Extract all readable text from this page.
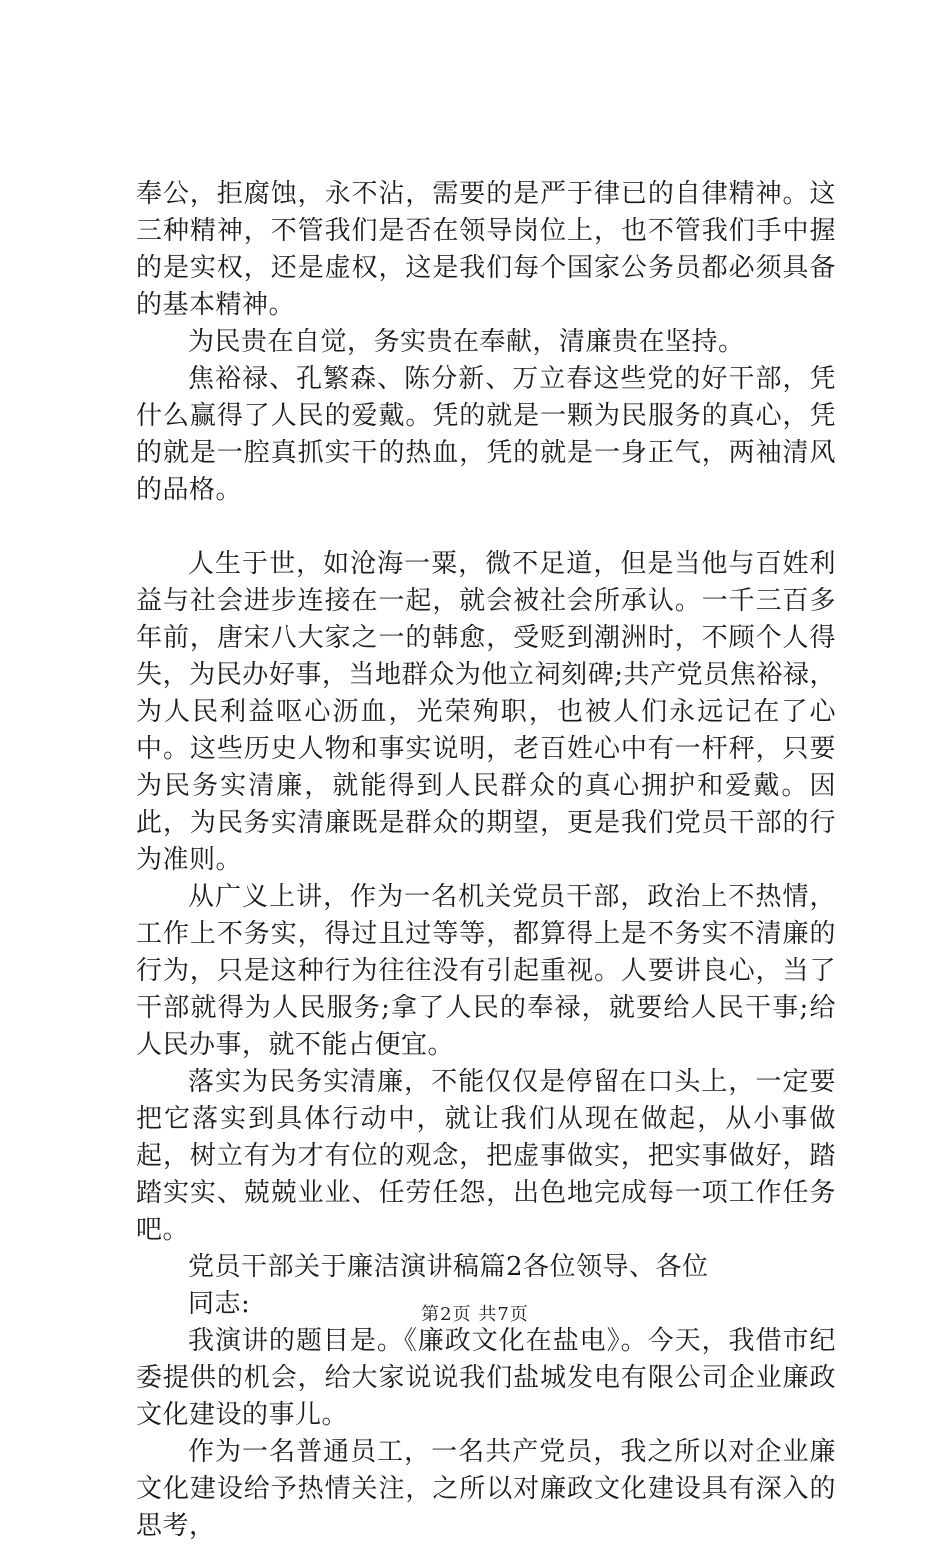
奉公，拒腐蚀，永不沾，需要的是严于律已的自律精神。这三种精神，不管我们是否在领导岗位上，也不管我们手中握的是实权，还是虚权，这是我们每个国家公务员都必须具备的基本精神。

为民贵在自觉，务实贵在奉献，清廉贵在坚持。

焦裕禄、孔繁森、陈分新、万立春这些党的好干部，凭什么赢得了人民的爱戴。凭的就是一颗为民服务的真心，凭的就是一腔真抓实干的热血，凭的就是一身正气，两袖清风的品格。

人生于世，如沧海一粟，微不足道，但是当他与百姓利益与社会进步连接在一起，就会被社会所承认。一千三百多年前，唐宋八大家之一的韩愈，受贬到潮洲时，不顾个人得失，为民办好事，当地群众为他立祠刻碑;共产党员焦裕禄，为人民利益呕心沥血，光荣殉职，也被人们永远记在了心中。这些历史人物和事实说明，老百姓心中有一杆秤，只要为民务实清廉，就能得到人民群众的真心拥护和爱戴。因此，为民务实清廉既是群众的期望，更是我们党员干部的行为准则。

从广义上讲，作为一名机关党员干部，政治上不热情，工作上不务实，得过且过等等，都算得上是不务实不清廉的行为，只是这种行为往往没有引起重视。人要讲良心，当了干部就得为人民服务;拿了人民的奉禄，就要给人民干事;给人民办事，就不能占便宜。

落实为民务实清廉，不能仅仅是停留在口头上，一定要把它落实到具体行动中，就让我们从现在做起，从小事做起，树立有为才有位的观念，把虚事做实，把实事做好，踏踏实实、兢兢业业、任劳任怨，出色地完成每一项工作任务吧。

党员干部关于廉洁演讲稿篇2各位领导、各位

同志:

我演讲的题目是。《廉政文化在盐电》。今天，我借市纪委提供的机会，给大家说说我们盐城发电有限公司企业廉政文化建设的事儿。

作为一名普通员工，一名共产党员，我之所以对企业廉文化建设给予热情关注，之所以对廉政文化建设具有深入的思考，

第2页 共7页
